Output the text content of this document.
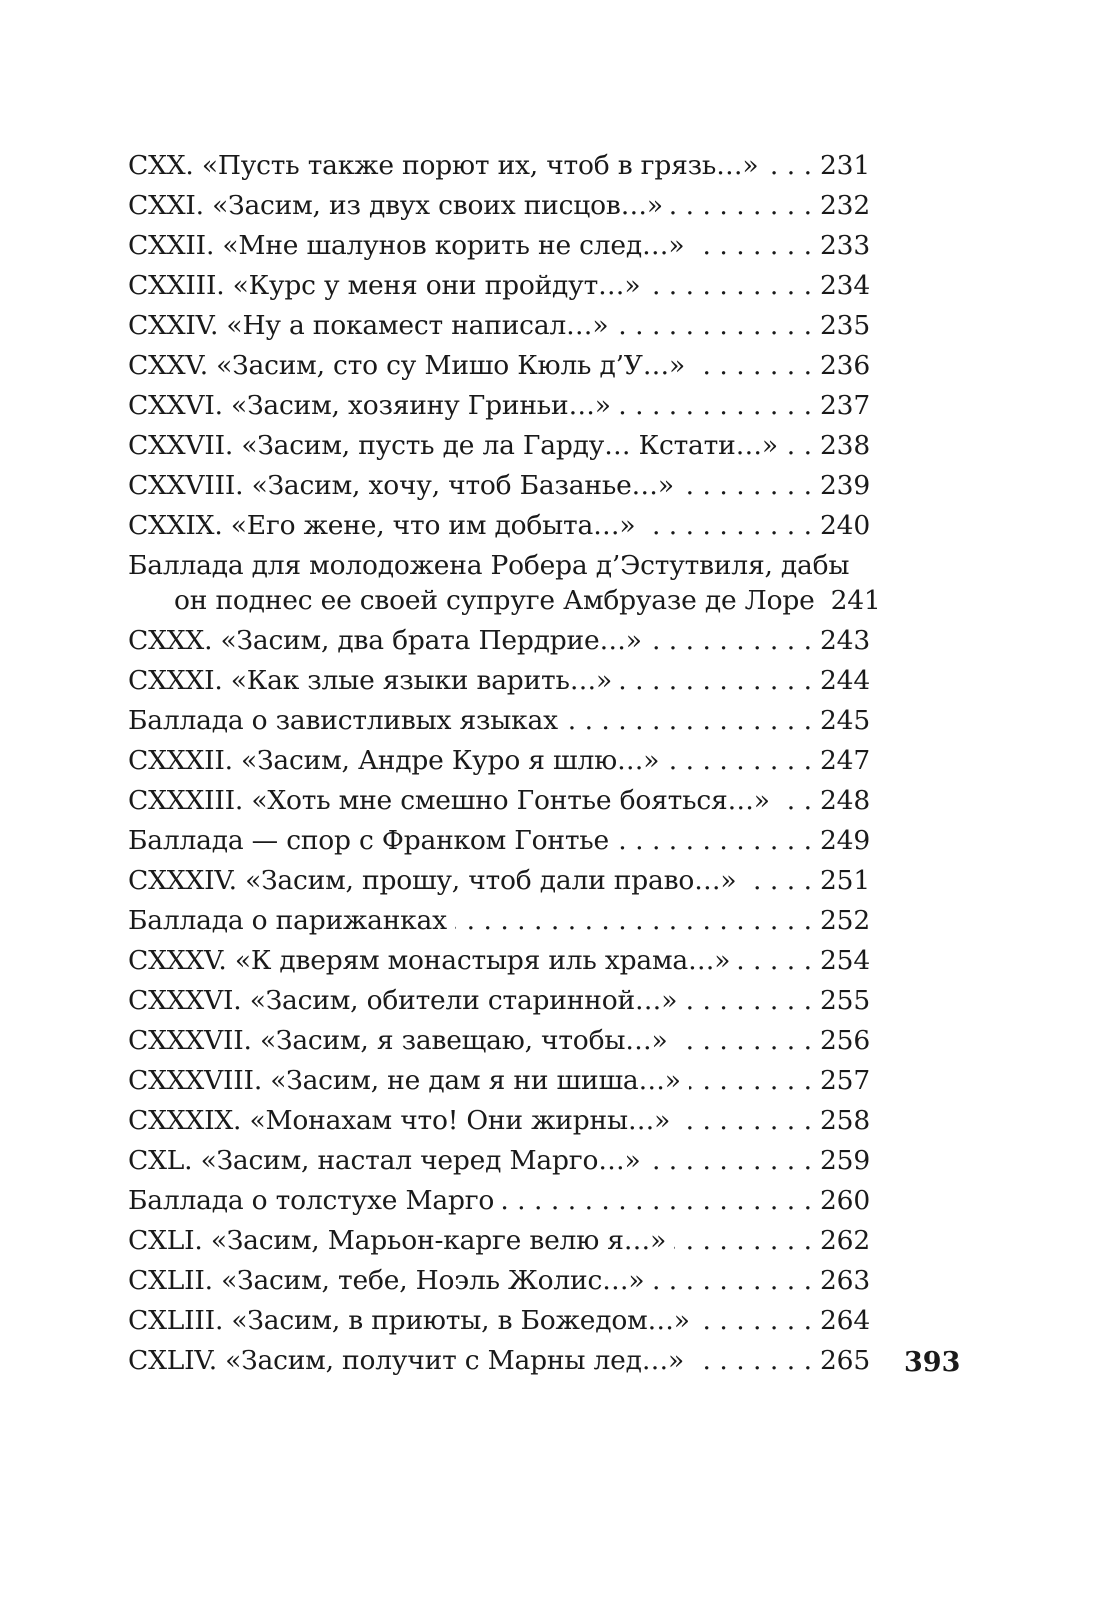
CXX. «Пусть также порют их, чтоб в грязь…» . . . 231
CXXI. «Засим, из двух своих писцов…» . . .	232
CXXII. «Мне шалунов корить не след…» . . .	233
CXXIII. «Курс у меня они пройдут…» . . .	234
CXXIV. «Ну а покамест написал…» . . .	235
CXXV. «Засим, сто су Мишо Кюль д’У…» . . .	236
CXXVI. «Засим, хозяину Гриньи…» . . .	237
CXXVII. «Засим, пусть де ла Гарду… Кстати…» . . . 238
CXXVIII. «Засим, хочу, чтоб Базанье…» . . .	239
CXXIX. «Его жене, что им добыта…» . . .	240
Баллада для молодожена Робера д’Эстутвиля, дабы
он поднес ее своей супруге Амбруазе де Лоре 241
CXXX. «Засим, два брата Пердрие…» . . .	243
CXXXI. «Как злые языки варить…» . . .	244
Баллада о завистливых языках . . .	245
CXXXII. «Засим, Андре Куро я шлю…» . . .	247
CXXXIII. «Хоть мне смешно Гонтье бояться…» . . . 248
Баллада — спор с Франком Гонтье . . .	249
CXXXIV. «Засим, прошу, чтоб дали право…» . . .	251
Баллада о парижанках . . .	252
CXXXV. «К дверям монастыря иль храма…» . . .	254
CXXXVI. «Засим, обители старинной…» . . .	255
CXXXVII. «Засим, я завещаю, чтобы…» . . .	256
CXXXVIII. «Засим, не дам я ни шиша…» . . .	257
CXXXIX. «Монахам что! Они жирны…» . . .	258
CXL. «Засим, настал черед Марго…» . . .	259
Баллада о толстухе Марго . . .	260
CXLI. «Засим, Марьон-карге велю я…» . . .	262
CXLII. «Засим, тебе, Ноэль Жолис…» . . .	263
CXLIII. «Засим, в приюты, в Божедом…» . . .	264
CXLIV. «Засим, получит с Марны лед…» . . .	265 393
